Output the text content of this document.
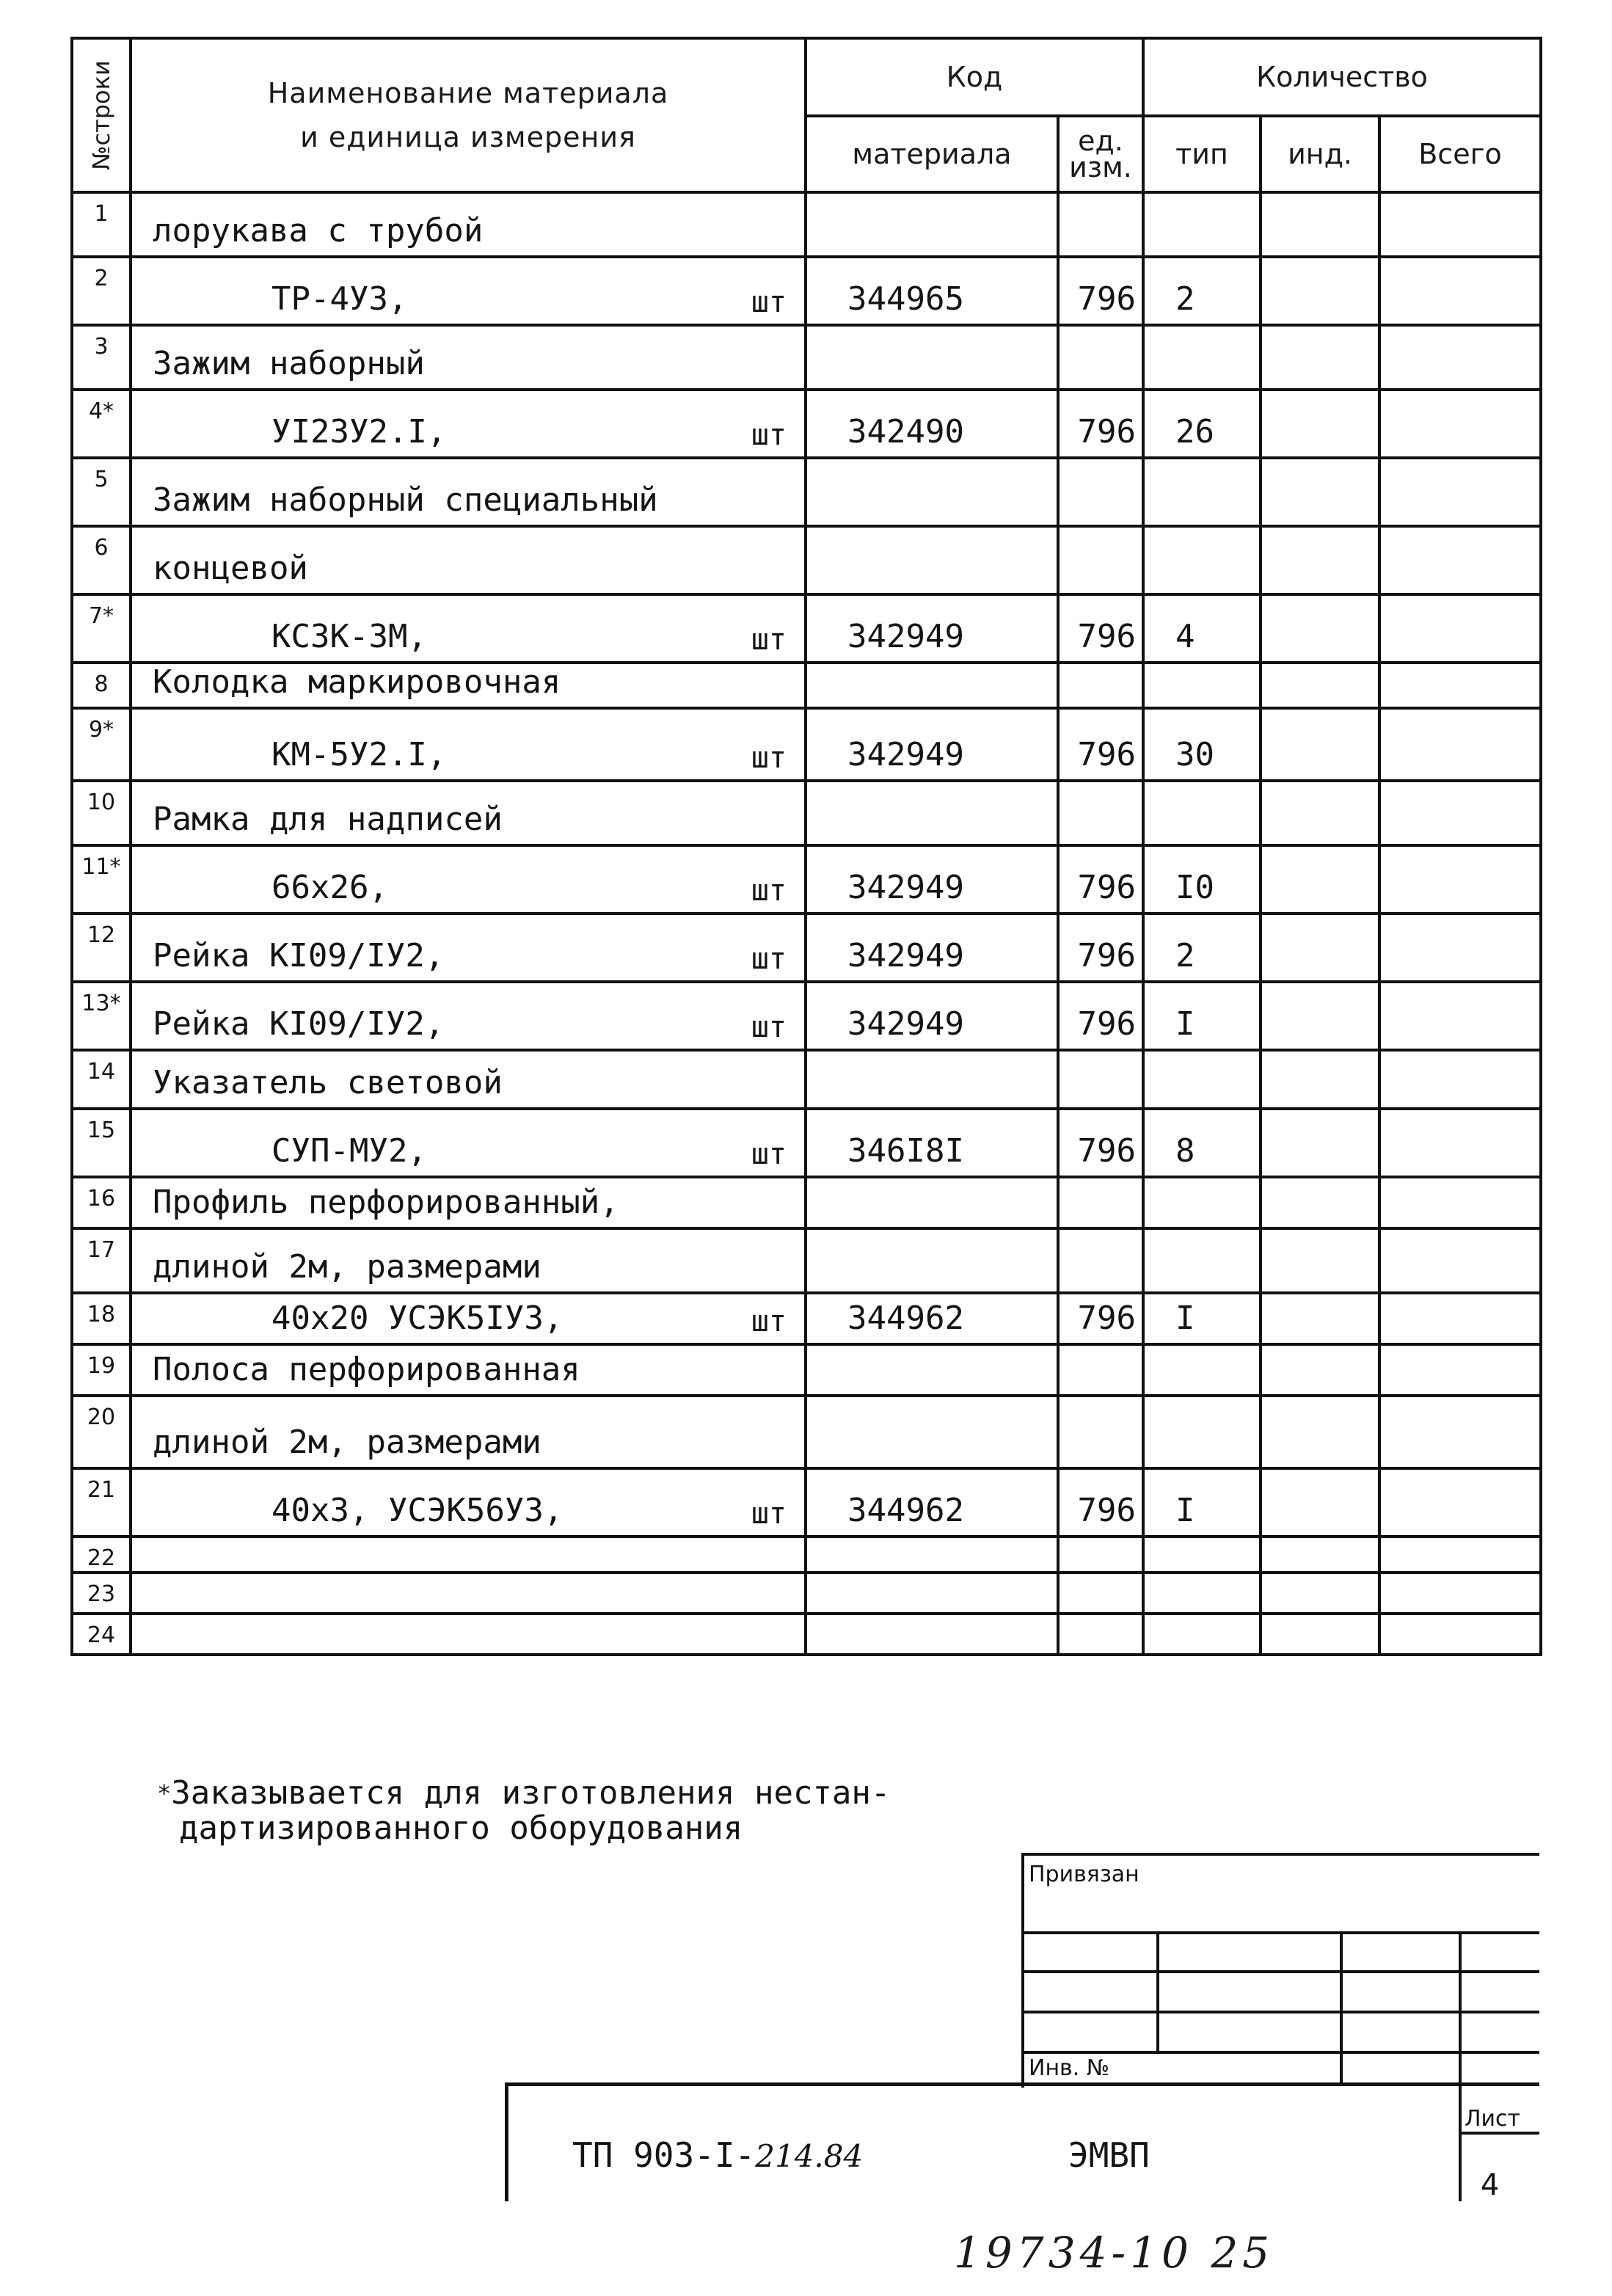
№строки	Наименование материала
и единица измерения	Код		Количество		
		материала	ед.
изм.	тип	инд.	Всего
1	лорукава с трубой					

2	ТР-4У3, шт	344965	796	2		
3	Зажим наборный					

4*	УI23У2.I, шт	342490	796	26		
5	Зажим наборный специальный					

6	концевой					

7*	КСЗК-3М, шт	342949	796	4		
8	Колодка маркировочная					

9*	КМ-5У2.I, шт	342949	796	30		
10	Рамка для надписей					

11*	66х26, шт	342949	796	I0		
12	Рейка КI09/IУ2, шт	342949	796	2		
13*	Рейка КI09/IУ2, шт	342949	796	I		
14	Указатель световой					

15	СУП-МУ2, шт	346I8I	796	8		
16	Профиль перфорированный,					

17	длиной 2м, размерами					

18	40х20 УСЭК5IУ3, шт	344962	796	I		
19	Полоса перфорированная					

20	длиной 2м, размерами					

21	40х3, УСЭК56У3, шт	344962	796	I		
22	

23	

24	

*Заказывается для изготовления нестан-
дартизированного оборудования
Привязан
Инв. №
ТП 903-I-214.84	ЭМВП
Лист
4
19734-10 25
